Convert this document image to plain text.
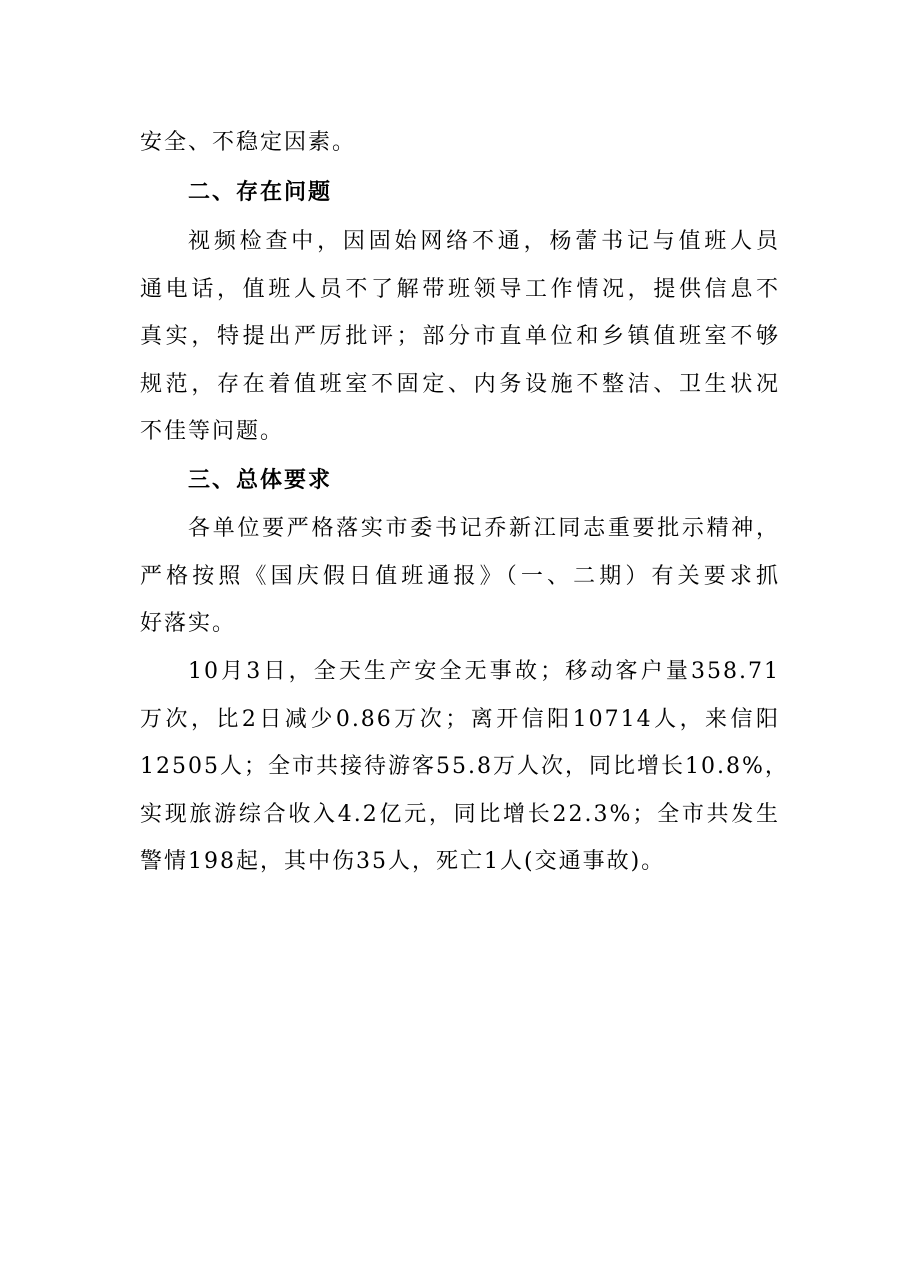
安全、不稳定因素。
二、存在问题
视频检查中，因固始网络不通，杨蕾书记与值班人员
通电话，值班人员不了解带班领导工作情况，提供信息不
真实，特提出严厉批评；部分市直单位和乡镇值班室不够
规范，存在着值班室不固定、内务设施不整洁、卫生状况
不佳等问题。
三、总体要求
各单位要严格落实市委书记乔新江同志重要批示精神，
严格按照《国庆假日值班通报》（一、二期）有关要求抓
好落实。
10月3日，全天生产安全无事故；移动客户量358.71
万次，比2日减少0.86万次；离开信阳10714人，来信阳
12505人；全市共接待游客55.8万人次，同比增长10.8%，
实现旅游综合收入4.2亿元，同比增长22.3%；全市共发生
警情198起，其中伤35人，死亡1人(交通事故)。
